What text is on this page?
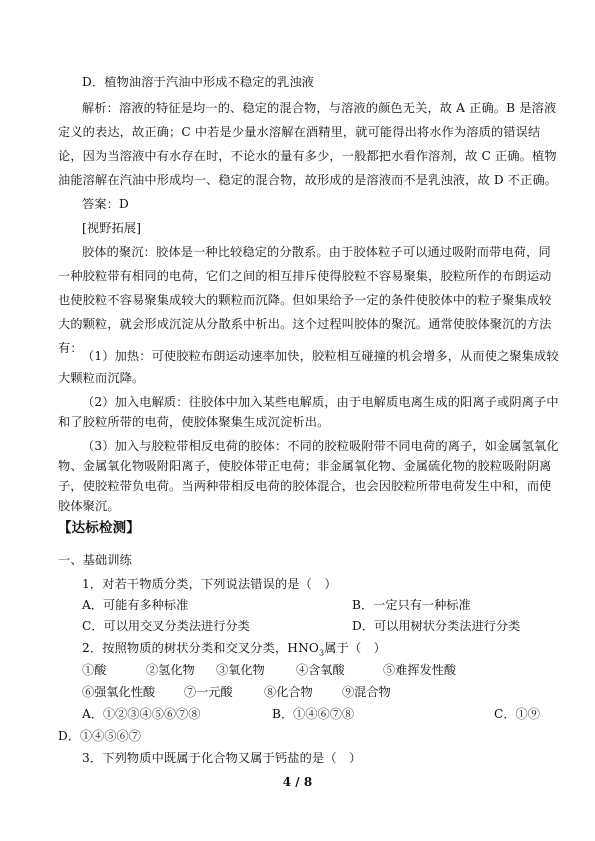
D．植物油溶于汽油中形成不稳定的乳浊液
解析：溶液的特征是均一的、稳定的混合物，与溶液的颜色无关，故 A 正确。B 是溶液
定义的表达，故正确；C 中若是少量水溶解在酒精里，就可能得出将水作为溶质的错误结
论，因为当溶液中有水存在时，不论水的量有多少，一般都把水看作溶剂，故 C 正确。植物
油能溶解在汽油中形成均一、稳定的混合物，故形成的是溶液而不是乳浊液，故 D 不正确。
答案：D
[视野拓展]
胶体的聚沉：胶体是一种比较稳定的分散系。由于胶体粒子可以通过吸附而带电荷，同
一种胶粒带有相同的电荷，它们之间的相互排斥使得胶粒不容易聚集，胶粒所作的布朗运动
也使胶粒不容易聚集成较大的颗粒而沉降。但如果给予一定的条件使胶体中的粒子聚集成较
大的颗粒，就会形成沉淀从分散系中析出。这个过程叫胶体的聚沉。通常使胶体聚沉的方法
有：
（1）加热：可使胶粒布朗运动速率加快，胶粒相互碰撞的机会增多，从而使之聚集成较
大颗粒而沉降。
（2）加入电解质：往胶体中加入某些电解质，由于电解质电离生成的阳离子或阴离子中
和了胶粒所带的电荷，使胶体聚集生成沉淀析出。
（3）加入与胶粒带相反电荷的胶体：不同的胶粒吸附带不同电荷的离子，如金属氢氧化
物、金属氧化物吸附阳离子，使胶体带正电荷；非金属氧化物、金属硫化物的胶粒吸附阴离
子，使胶粒带负电荷。当两种带相反电荷的胶体混合，也会因胶粒所带电荷发生中和，而使
胶体聚沉。
【达标检测】
一、基础训练
1．对若干物质分类，下列说法错误的是（　）
A．可能有多种标准	B．一定只有一种标准
C．可以用交叉分类法进行分类	D．可以用树状分类法进行分类
2．按照物质的树状分类和交叉分类，$HNO_3$属于（　）
①酸	②氢化物 ③氧化物	④含氧酸	⑤难挥发性酸
⑥强氧化性酸 ⑦一元酸	⑧化合物 ⑨混合物
A．①②③④⑤⑥⑦⑧	B．①④⑥⑦⑧	C．①⑨
D．①④⑤⑥⑦
3．下列物质中既属于化合物又属于钙盐的是（　）
4 / 8
